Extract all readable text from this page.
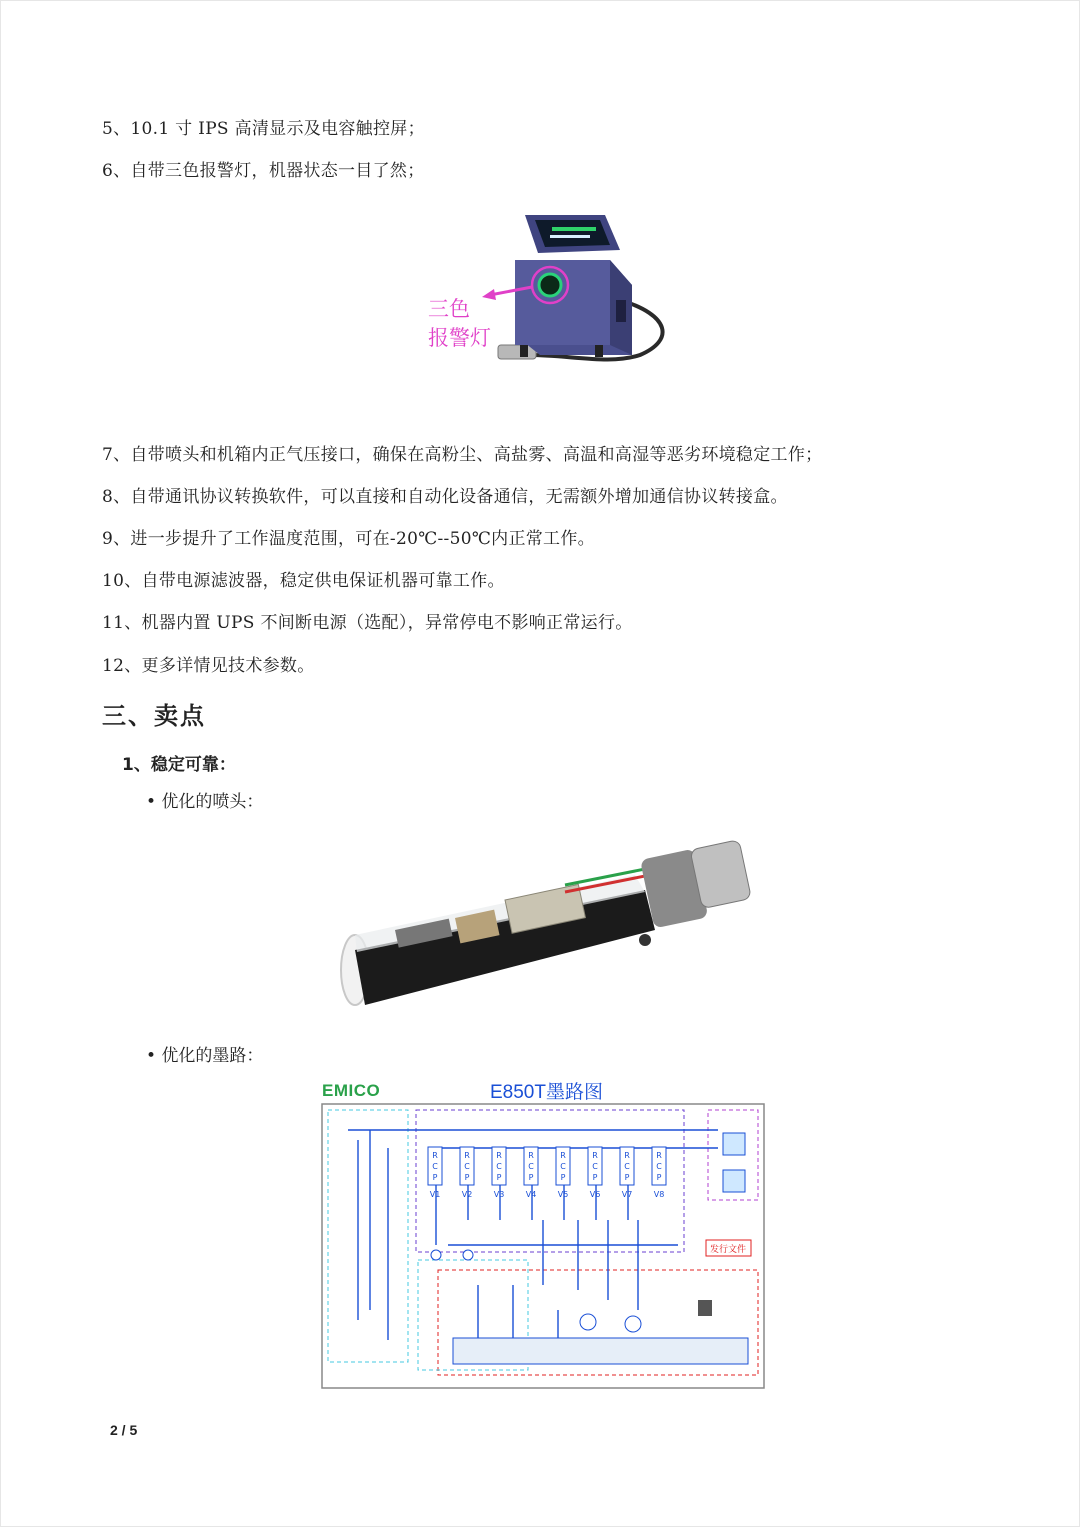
5、10.1 寸 IPS 高清显示及电容触控屏；
6、自带三色报警灯，机器状态一目了然；
三色
报警灯
7、自带喷头和机箱内正气压接口，确保在高粉尘、高盐雾、高温和高湿等恶劣环境稳定工作；
8、自带通讯协议转换软件，可以直接和自动化设备通信，无需额外增加通信协议转接盒。
9、进一步提升了工作温度范围，可在-20℃--50℃内正常工作。
10、自带电源滤波器，稳定供电保证机器可靠工作。
11、机器内置 UPS 不间断电源（选配），异常停电不影响正常运行。
12、更多详情见技术参数。
三、卖点
1、稳定可靠：
• 优化的喷头：
• 优化的墨路：
EMICO	E850T墨路图
发行文件
R
C
P
V1
R
C
P
V2
R
C
P
V3
R
C
P
V4
R
C
P
V5
R
C
P
V6
R
C
P
V7
R
C
P
V8
2 / 5
